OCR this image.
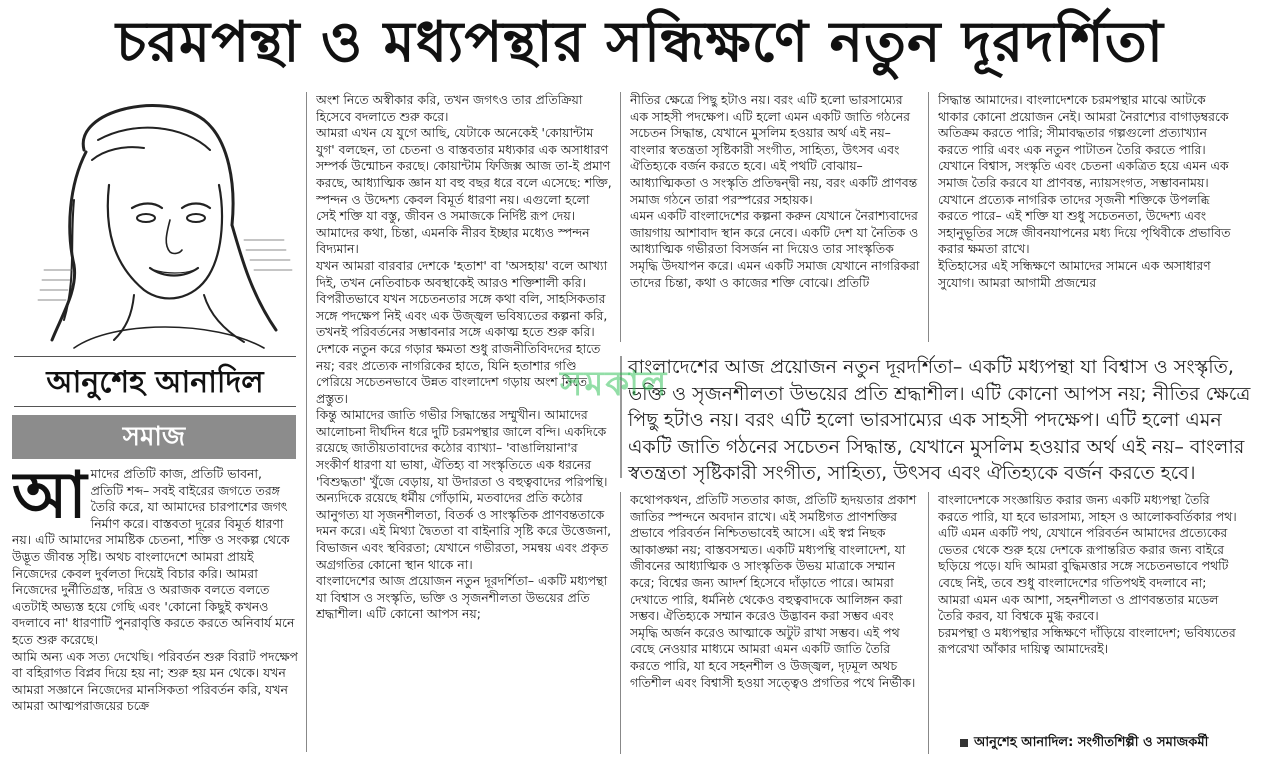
চরমপন্থা ও মধ্যপন্থার সন্ধিক্ষণে নতুন দূরদর্শিতা
আনুশেহ আনাদিল
সমাজ
আ মাদের প্রতিটি কাজ, প্রতিটি ভাবনা, প্রতিটি শব্দ– সবই বাইরের জগতে তরঙ্গ তৈরি করে, যা আমাদের চারপাশের জগৎ নির্মাণ করে। বাস্তবতা দূরের বিমূর্ত ধারণা নয়। এটি আমাদের সামষ্টিক চেতনা, শক্তি ও সংকল্প থেকে উদ্ভূত জীবন্ত সৃষ্টি। অথচ বাংলাদেশে আমরা প্রায়ই নিজেদের কেবল দুর্বলতা দিয়েই বিচার করি। আমরা নিজেদের দুর্নীতিগ্রস্ত, দরিদ্র ও অরাজক বলতে বলতে এতটাই অভ্যস্ত হয়ে গেছি এবং 'কোনো কিছুই কখনও বদলাবে না' ধারণাটি পুনরাবৃত্তি করতে করতে অনিবার্য মনে হতে শুরু করেছে।
আমি অন্য এক সত্য দেখেছি। পরিবর্তন শুরু বিরাট পদক্ষেপ বা বহিরাগত বিপ্লব দিয়ে হয় না; শুরু হয় মন থেকে। যখন আমরা সজ্ঞানে নিজেদের মানসিকতা পরিবর্তন করি, যখন আমরা আত্মপরাজয়ের চক্রে
অংশ নিতে অস্বীকার করি, তখন জগৎও তার প্রতিক্রিয়া হিসেবে বদলাতে শুরু করে।
আমরা এখন যে যুগে আছি, যেটাকে অনেকেই 'কোয়ান্টাম যুগ' বলছেন, তা চেতনা ও বাস্তবতার মধ্যকার এক অসাধারণ সম্পর্ক উন্মোচন করছে। কোয়ান্টাম ফিজিক্স আজ তা-ই প্রমাণ করছে, আধ্যাত্মিক জ্ঞান যা বহু বছর ধরে বলে এসেছে: শক্তি, স্পন্দন ও উদ্দেশ্য কেবল বিমূর্ত ধারণা নয়। এগুলো হলো সেই শক্তি যা বস্তু, জীবন ও সমাজকে নির্দিষ্ট রূপ দেয়। আমাদের কথা, চিন্তা, এমনকি নীরব ইচ্ছার মধ্যেও স্পন্দন বিদ্যমান।
যখন আমরা বারবার দেশকে 'হতাশ' বা 'অসহায়' বলে আখ্যা দিই, তখন নেতিবাচক অবস্থাকেই আরও শক্তিশালী করি। বিপরীতভাবে যখন সচেতনতার সঙ্গে কথা বলি, সাহসিকতার সঙ্গে পদক্ষেপ নিই এবং এক উজ্জ্বল ভবিষ্যতের কল্পনা করি, তখনই পরিবর্তনের সম্ভাবনার সঙ্গে একাত্ম হতে শুরু করি। দেশকে নতুন করে গড়ার ক্ষমতা শুধু রাজনীতিবিদদের হাতে নয়; বরং প্রত্যেক নাগরিকের হাতে, যিনি হতাশার গণ্ডি পেরিয়ে সচেতনভাবে উন্নত বাংলাদেশ গড়ায় অংশ নিতে প্রস্তুত।
কিন্তু আমাদের জাতি গভীর সিদ্ধান্তের সম্মুখীন। আমাদের আলোচনা দীর্ঘদিন ধরে দুটি চরমপন্থার জালে বন্দি। একদিকে রয়েছে জাতীয়তাবাদের কঠোর ব্যাখ্যা– 'বাঙালিয়ানা'র সংকীর্ণ ধারণা যা ভাষা, ঐতিহ্য বা সংস্কৃতিতে এক ধরনের 'বিশুদ্ধতা' খুঁজে বেড়ায়, যা উদারতা ও বহুত্ববাদের পরিপন্থি। অন্যদিকে রয়েছে ধর্মীয় গোঁড়ামি, মতবাদের প্রতি কঠোর আনুগত্য যা সৃজনশীলতা, বিতর্ক ও সাংস্কৃতিক প্রাণবন্ততাকে দমন করে। এই মিথ্যা দ্বৈততা বা বাইনারি সৃষ্টি করে উত্তেজনা, বিভাজন এবং স্থবিরতা; যেখানে গভীরতা, সমন্বয় এবং প্রকৃত অগ্রগতির কোনো স্থান থাকে না।
বাংলাদেশের আজ প্রয়োজন নতুন দূরদর্শিতা– একটি মধ্যপন্থা যা বিশ্বাস ও সংস্কৃতি, ভক্তি ও সৃজনশীলতা উভয়ের প্রতি শ্রদ্ধাশীল। এটি কোনো আপস নয়;
নীতির ক্ষেত্রে পিছু হটাও নয়। বরং এটি হলো ভারসাম্যের এক সাহসী পদক্ষেপ। এটি হলো এমন একটি জাতি গঠনের সচেতন সিদ্ধান্ত, যেখানে মুসলিম হওয়ার অর্থ এই নয়– বাংলার স্বতন্ত্রতা সৃষ্টিকারী সংগীত, সাহিত্য, উৎসব এবং ঐতিহ্যকে বর্জন করতে হবে। এই পথটি বোঝায়– আধ্যাত্মিকতা ও সংস্কৃতি প্রতিদ্বন্দ্বী নয়, বরং একটি প্রাণবন্ত সমাজ গঠনে তারা পরস্পরের সহায়ক।
এমন একটি বাংলাদেশের কল্পনা করুন যেখানে নৈরাশ্যবাদের জায়গায় আশাবাদ স্থান করে নেবে। একটি দেশ যা নৈতিক ও আধ্যাত্মিক গভীরতা বিসর্জন না দিয়েও তার সাংস্কৃতিক সমৃদ্ধি উদযাপন করে। এমন একটি সমাজ যেখানে নাগরিকরা তাদের চিন্তা, কথা ও কাজের শক্তি বোঝে। প্রতিটি
সিদ্ধান্ত আমাদের। বাংলাদেশকে চরমপন্থার মাঝে আটকে থাকার কোনো প্রয়োজন নেই। আমরা নৈরাশ্যের বাগাড়ম্বরকে অতিক্রম করতে পারি; সীমাবদ্ধতার গল্পগুলো প্রত্যাখ্যান করতে পারি এবং এক নতুন পাটাতন তৈরি করতে পারি। যেখানে বিশ্বাস, সংস্কৃতি এবং চেতনা একত্রিত হয়ে এমন এক সমাজ তৈরি করবে যা প্রাণবন্ত, ন্যায়সংগত, সম্ভাবনাময়। যেখানে প্রত্যেক নাগরিক তাদের সৃজনী শক্তিকে উপলব্ধি করতে পারে– এই শক্তি যা শুধু সচেতনতা, উদ্দেশ্য এবং সহানুভূতির সঙ্গে জীবনযাপনের মধ্য দিয়ে পৃথিবীকে প্রভাবিত করার ক্ষমতা রাখে।
ইতিহাসের এই সন্ধিক্ষণে আমাদের সামনে এক অসাধারণ সুযোগ। আমরা আগামী প্রজন্মের
বাংলাদেশের আজ প্রয়োজন নতুন দূরদর্শিতা– একটি মধ্যপন্থা যা বিশ্বাস ও সংস্কৃতি, ভক্তি ও সৃজনশীলতা উভয়ের প্রতি শ্রদ্ধাশীল। এটি কোনো আপস নয়; নীতির ক্ষেত্রে পিছু হটাও নয়। বরং এটি হলো ভারসাম্যের এক সাহসী পদক্ষেপ। এটি হলো এমন একটি জাতি গঠনের সচেতন সিদ্ধান্ত, যেখানে মুসলিম হওয়ার অর্থ এই নয়– বাংলার স্বতন্ত্রতা সৃষ্টিকারী সংগীত, সাহিত্য, উৎসব এবং ঐতিহ্যকে বর্জন করতে হবে।
সমকাল
কথোপকথন, প্রতিটি সততার কাজ, প্রতিটি হৃদয়তার প্রকাশ জাতির স্পন্দনে অবদান রাখে। এই সমষ্টিগত প্রাণশক্তির প্রভাবে পরিবর্তন নিশ্চিতভাবেই আসে। এই স্বপ্ন নিছক আকাঙ্ক্ষা নয়; বাস্তবসম্মত। একটি মধ্যপন্থি বাংলাদেশ, যা জীবনের আধ্যাত্মিক ও সাংস্কৃতিক উভয় মাত্রাকে সম্মান করে; বিশ্বের জন্য আদর্শ হিসেবে দাঁড়াতে পারে। আমরা দেখাতে পারি, ধর্মনিষ্ঠ থেকেও বহুত্ববাদকে আলিঙ্গন করা সম্ভব। ঐতিহ্যকে সম্মান করেও উদ্ভাবন করা সম্ভব এবং সমৃদ্ধি অর্জন করেও আত্মাকে অটুট রাখা সম্ভব। এই পথ বেছে নেওয়ার মাধ্যমে আমরা এমন একটি জাতি তৈরি করতে পারি, যা হবে সহনশীল ও উজ্জ্বল, দৃঢ়মূল অথচ গতিশীল এবং বিশ্বাসী হওয়া সত্ত্বেও প্রগতির পথে নির্ভীক।
বাংলাদেশকে সংজ্ঞায়িত করার জন্য একটি মধ্যপন্থা তৈরি করতে পারি, যা হবে ভারসাম্য, সাহস ও আলোকবর্তিকার পথ। এটি এমন একটি পথ, যেখানে পরিবর্তন আমাদের প্রত্যেকের ভেতর থেকে শুরু হয়ে দেশকে রূপান্তরিত করার জন্য বাইরে ছড়িয়ে পড়ে। যদি আমরা বুদ্ধিমত্তার সঙ্গে সচেতনভাবে পথটি বেছে নিই, তবে শুধু বাংলাদেশের গতিপথই বদলাবে না; আমরা এমন এক আশা, সহনশীলতা ও প্রাণবন্ততার মডেল তৈরি করব, যা বিশ্বকে মুগ্ধ করবে।
চরমপন্থা ও মধ্যপন্থার সন্ধিক্ষণে দাঁড়িয়ে বাংলাদেশ; ভবিষ্যতের রূপরেখা আঁকার দায়িত্ব আমাদেরই।
আনুশেহ আনাদিল: সংগীতশিল্পী ও সমাজকর্মী
